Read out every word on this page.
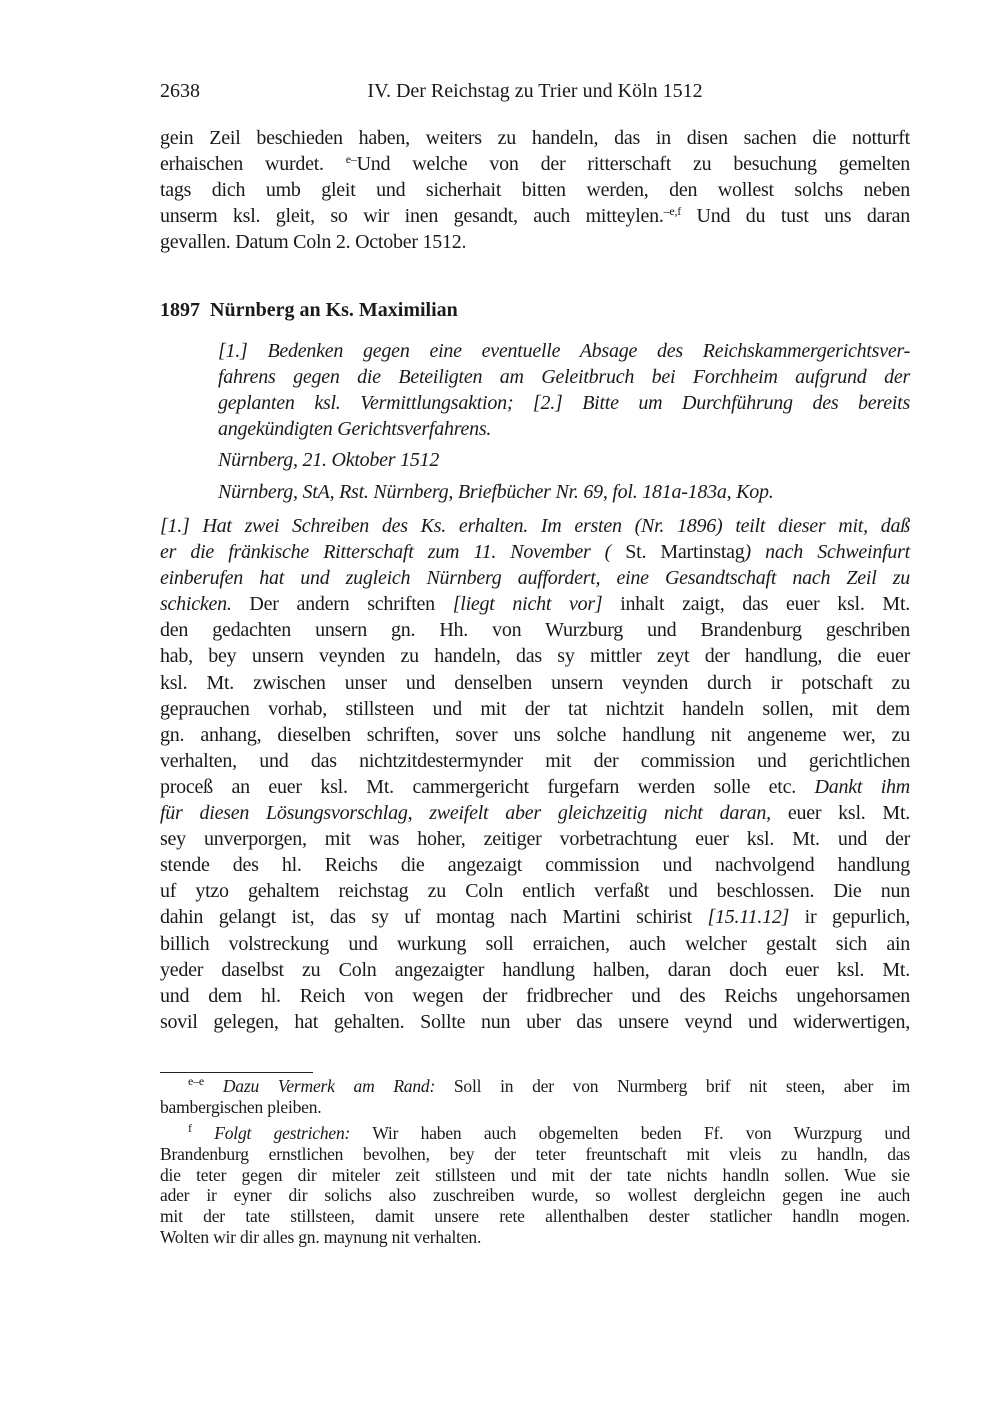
2638	IV. Der Reichstag zu Trier und Köln 1512
gein Zeil beschieden haben, weiters zu handeln, das in disen sachen die notturft
erhaischen wurdet. $^{e-}$Und welche von der ritterschaft zu besuchung gemelten
tags dich umb gleit und sicherhait bitten werden, den wollest solchs neben
unserm ksl. gleit, so wir inen gesandt, auch mitteylen.$^{-e,f}$ Und du tust uns daran
gevallen. Datum Coln 2. October 1512.
1897 Nürnberg an Ks. Maximilian
[1.] Bedenken gegen eine eventuelle Absage des Reichskammergerichtsver-
fahrens gegen die Beteiligten am Geleitbruch bei Forchheim aufgrund der
geplanten ksl. Vermittlungsaktion; [2.] Bitte um Durchführung des bereits
angekündigten Gerichtsverfahrens.
Nürnberg, 21. Oktober 1512
Nürnberg, StA, Rst. Nürnberg, Briefbücher Nr. 69, fol. 181a-183a, Kop.
[1.] Hat zwei Schreiben des Ks. erhalten. Im ersten (Nr. 1896) teilt dieser mit, daß
er die fränkische Ritterschaft zum 11. November ( St. Martinstag) nach Schweinfurt
einberufen hat und zugleich Nürnberg auffordert, eine Gesandtschaft nach Zeil zu
schicken. Der andern schriften [liegt nicht vor] inhalt zaigt, das euer ksl. Mt.
den gedachten unsern gn. Hh. von Wurzburg und Brandenburg geschriben
hab, bey unsern veynden zu handeln, das sy mittler zeyt der handlung, die euer
ksl. Mt. zwischen unser und denselben unsern veynden durch ir potschaft zu
geprauchen vorhab, stillsteen und mit der tat nichtzit handeln sollen, mit dem
gn. anhang, dieselben schriften, sover uns solche handlung nit angeneme wer, zu
verhalten, und das nichtzitdestermynder mit der commission und gerichtlichen
proceß an euer ksl. Mt. cammergericht furgefarn werden solle etc. Dankt ihm
für diesen Lösungsvorschlag, zweifelt aber gleichzeitig nicht daran, euer ksl. Mt.
sey unverporgen, mit was hoher, zeitiger vorbetrachtung euer ksl. Mt. und der
stende des hl. Reichs die angezaigt commission und nachvolgend handlung
uf ytzo gehaltem reichstag zu Coln entlich verfaßt und beschlossen. Die nun
dahin gelangt ist, das sy uf montag nach Martini schirist [15.11.12] ir gepurlich,
billich volstreckung und wurkung soll erraichen, auch welcher gestalt sich ain
yeder daselbst zu Coln angezaigter handlung halben, daran doch euer ksl. Mt.
und dem hl. Reich von wegen der fridbrecher und des Reichs ungehorsamen
sovil gelegen, hat gehalten. Sollte nun uber das unsere veynd und widerwertigen,
$^{e-e}$ Dazu Vermerk am Rand: Soll in der von Nurmberg brif nit steen, aber im
bambergischen pleiben.
$^f$ Folgt gestrichen: Wir haben auch obgemelten beden Ff. von Wurzpurg und
Brandenburg ernstlichen bevolhen, bey der teter freuntschaft mit vleis zu handln, das
die teter gegen dir miteler zeit stillsteen und mit der tate nichts handln sollen. Wue sie
ader ir eyner dir solichs also zuschreiben wurde, so wollest dergleichn gegen ine auch
mit der tate stillsteen, damit unsere rete allenthalben dester statlicher handln mogen.
Wolten wir dir alles gn. maynung nit verhalten.
